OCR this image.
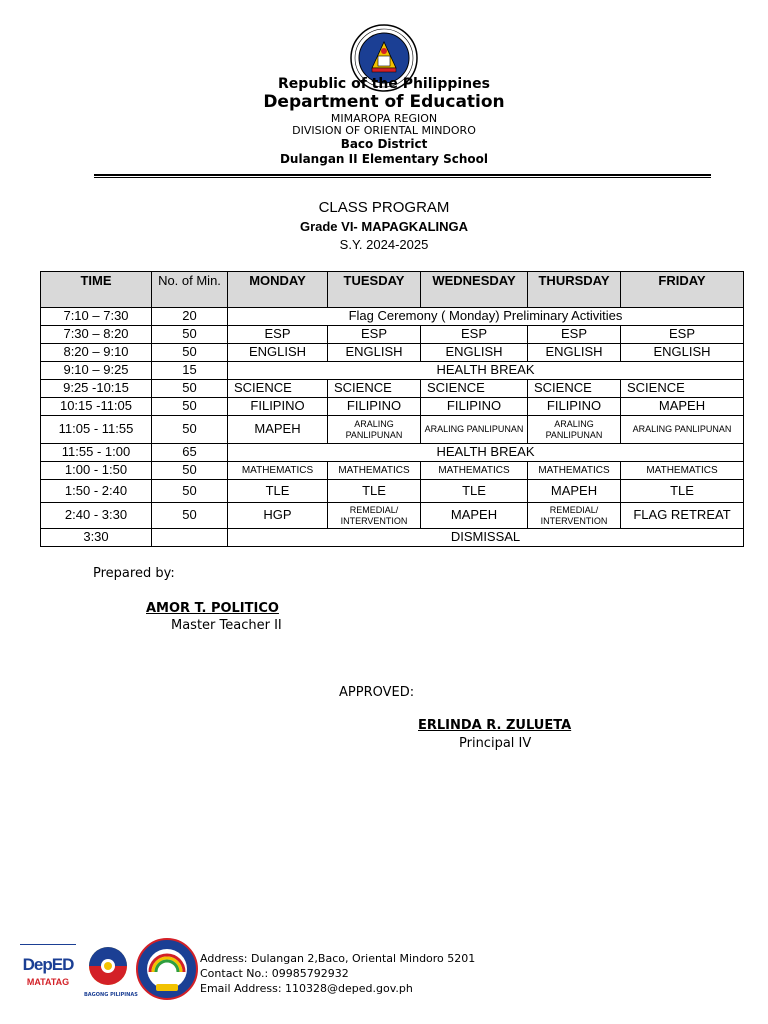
Republic of the Philippines
Department of Education
MIMAROPA REGION
DIVISION OF ORIENTAL MINDORO
Baco District
Dulangan II Elementary School
CLASS PROGRAM
Grade VI- MAPAGKALINGA
S.Y. 2024-2025
TIME	No. of Min.	MONDAY	TUESDAY	WEDNESDAY	THURSDAY	FRIDAY
7:10 – 7:30	20	Flag Ceremony ( Monday) Preliminary Activities				
7:30 – 8:20	50	ESP	ESP	ESP	ESP	ESP
8:20 – 9:10	50	ENGLISH	ENGLISH	ENGLISH	ENGLISH	ENGLISH
9:10 – 9:25	15	HEALTH BREAK				
9:25 -10:15	50	SCIENCE	SCIENCE	SCIENCE	SCIENCE	SCIENCE
10:15 -11:05	50	FILIPINO	FILIPINO	FILIPINO	FILIPINO	MAPEH
11:05 - 11:55	50	MAPEH	ARALING PANLIPUNAN	ARALING PANLIPUNAN	ARALING PANLIPUNAN	ARALING PANLIPUNAN
11:55 - 1:00	65	HEALTH BREAK				
1:00 - 1:50	50	MATHEMATICS	MATHEMATICS	MATHEMATICS	MATHEMATICS	MATHEMATICS
1:50 - 2:40	50	TLE	TLE	TLE	MAPEH	TLE
2:40 - 3:30	50	HGP	REMEDIAL/ INTERVENTION	MAPEH	REMEDIAL/ INTERVENTION	FLAG RETREAT
3:30		DISMISSAL				
Prepared by:
AMOR T. POLITICO
Master Teacher II
APPROVED:
ERLINDA R. ZULUETA
Principal IV
DepED
MATATAG
BAGONG PILIPINAS
Address: Dulangan 2,Baco, Oriental Mindoro 5201
Contact No.: 09985792932
Email Address: 110328@deped.gov.ph
